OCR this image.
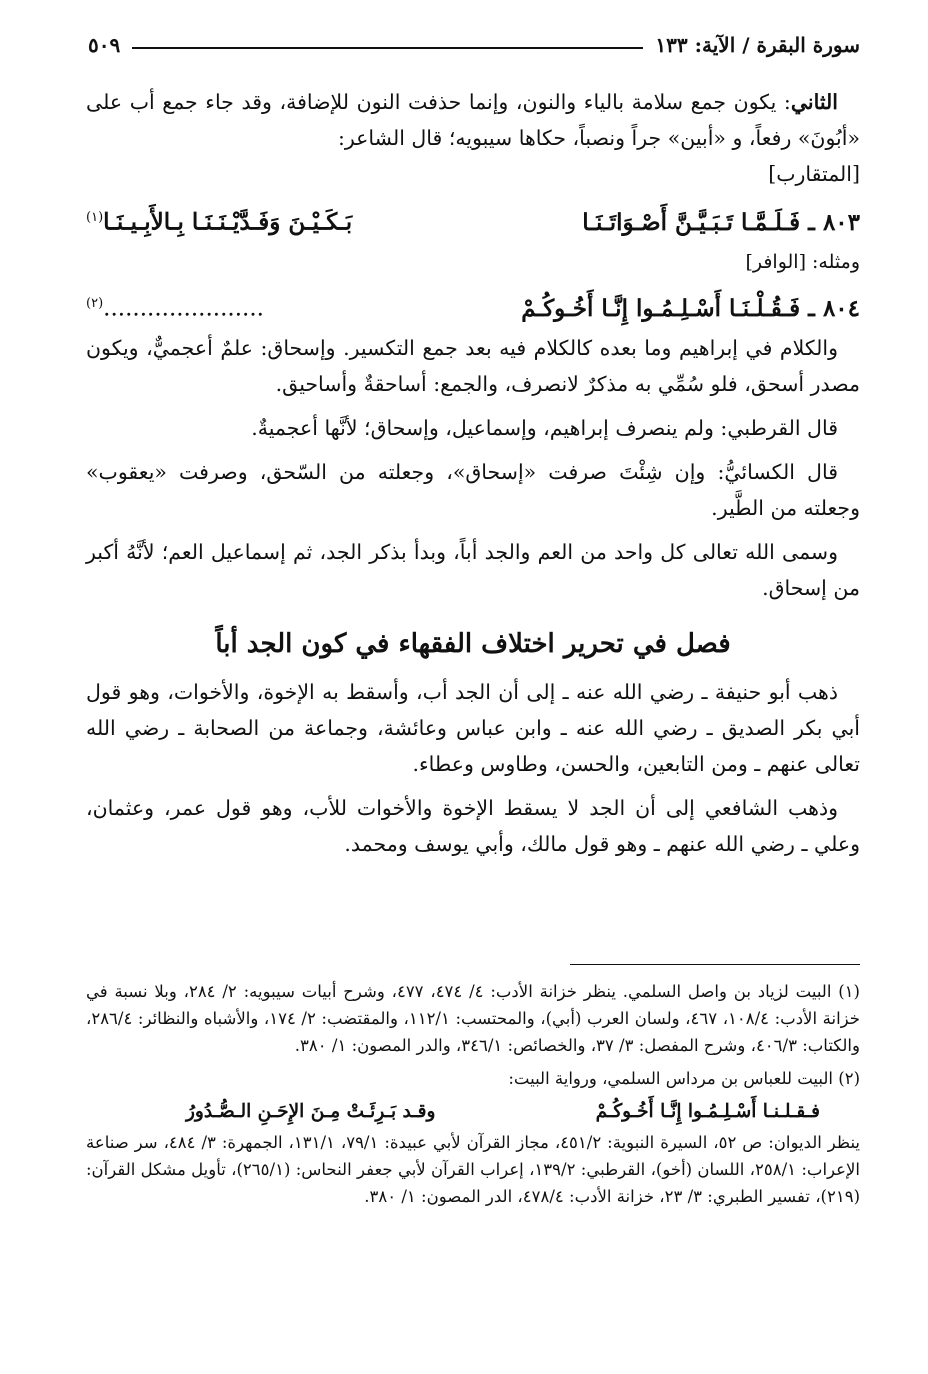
سورة البقرة / الآية: ١٣٣
٥٠٩

الثاني: يكون جمع سلامة بالياء والنون، وإنما حذفت النون للإضافة، وقد جاء جمع أب على «أبُونَ» رفعاً، و «أبين» جراً ونصباً، حكاها سيبويه؛ قال الشاعر:
[المتقارب]

٨٠٣ ـ فَـلَـمَّـا تَـبَـيَّـنَّ أَصْـوَاتَـنَـا
بَـكَـيْـنَ وَفَـدَّيْـنَـنَـا بِـالأَبِـيـنَـا$^{(١)}$
ومثله: [الوافر]
٨٠٤ ـ فَـقُـلْـنَـا أَسْـلِـمُـوا إِنَّـا أَخُـوكُـمْ
......................$^{(٢)}$

والكلام في إبراهيم وما بعده كالكلام فيه بعد جمع التكسير. وإسحاق: علمٌ أعجميٌّ، ويكون مصدر أسحق، فلو سُمِّي به مذكرٌ لانصرف، والجمع: أساحقةٌ وأساحيق.

قال القرطبي: ولم ينصرف إبراهيم، وإسماعيل، وإسحاق؛ لأنَّها أعجميةٌ.

قال الكسائيُّ: وإن شِئْتَ صرفت «إسحاق»، وجعلته من السّحق، وصرفت «يعقوب» وجعلته من الطَّير.

وسمى الله تعالى كل واحد من العم والجد أباً، وبدأ بذكر الجد، ثم إسماعيل العم؛ لأنَّهُ أكبر من إسحاق.

فصل في تحرير اختلاف الفقهاء في كون الجد أباً

ذهب أبو حنيفة ـ رضي الله عنه ـ إلى أن الجد أب، وأسقط به الإخوة، والأخوات، وهو قول أبي بكر الصديق ـ رضي الله عنه ـ وابن عباس وعائشة، وجماعة من الصحابة ـ رضي الله تعالى عنهم ـ ومن التابعين، والحسن، وطاوس وعطاء.

وذهب الشافعي إلى أن الجد لا يسقط الإخوة والأخوات للأب، وهو قول عمر، وعثمان، وعلي ـ رضي الله عنهم ـ وهو قول مالك، وأبي يوسف ومحمد.

(١) البيت لزياد بن واصل السلمي. ينظر خزانة الأدب: ٤/ ٤٧٤، ٤٧٧، وشرح أبيات سيبويه: ٢/ ٢٨٤، وبلا نسبة في خزانة الأدب: ١٠٨/٤، ٤٦٧، ولسان العرب (أبي)، والمحتسب: ١١٢/١، والمقتضب: ٢/ ١٧٤، والأشباه والنظائر: ٢٨٦/٤، والكتاب: ٤٠٦/٣، وشرح المفصل: ٣/ ٣٧، والخصائص: ٣٤٦/١، والدر المصون: ١/ ٣٨٠.
(٢) البيت للعباس بن مرداس السلمي، ورواية البيت:
فـقـلـنـا أَسْـلِـمُـوا إِنَّـا أَخُـوكُـمْ
وقـد بَـرِئَـتْ مِـنَ الإِحَـنِ الـصُّـدُورُ
ينظر الديوان: ص ٥٢، السيرة النبوية: ٤٥١/٢، مجاز القرآن لأبي عبيدة: ٧٩/١، ١٣١/١، الجمهرة: ٣/ ٤٨٤، سر صناعة الإعراب: ٢٥٨/١، اللسان (أخو)، القرطبي: ١٣٩/٢، إعراب القرآن لأبي جعفر النحاس: (٢٦٥/١)، تأويل مشكل القرآن: (٢١٩)، تفسير الطبري: ٣/ ٢٣، خزانة الأدب: ٤٧٨/٤، الدر المصون: ١/ ٣٨٠.
